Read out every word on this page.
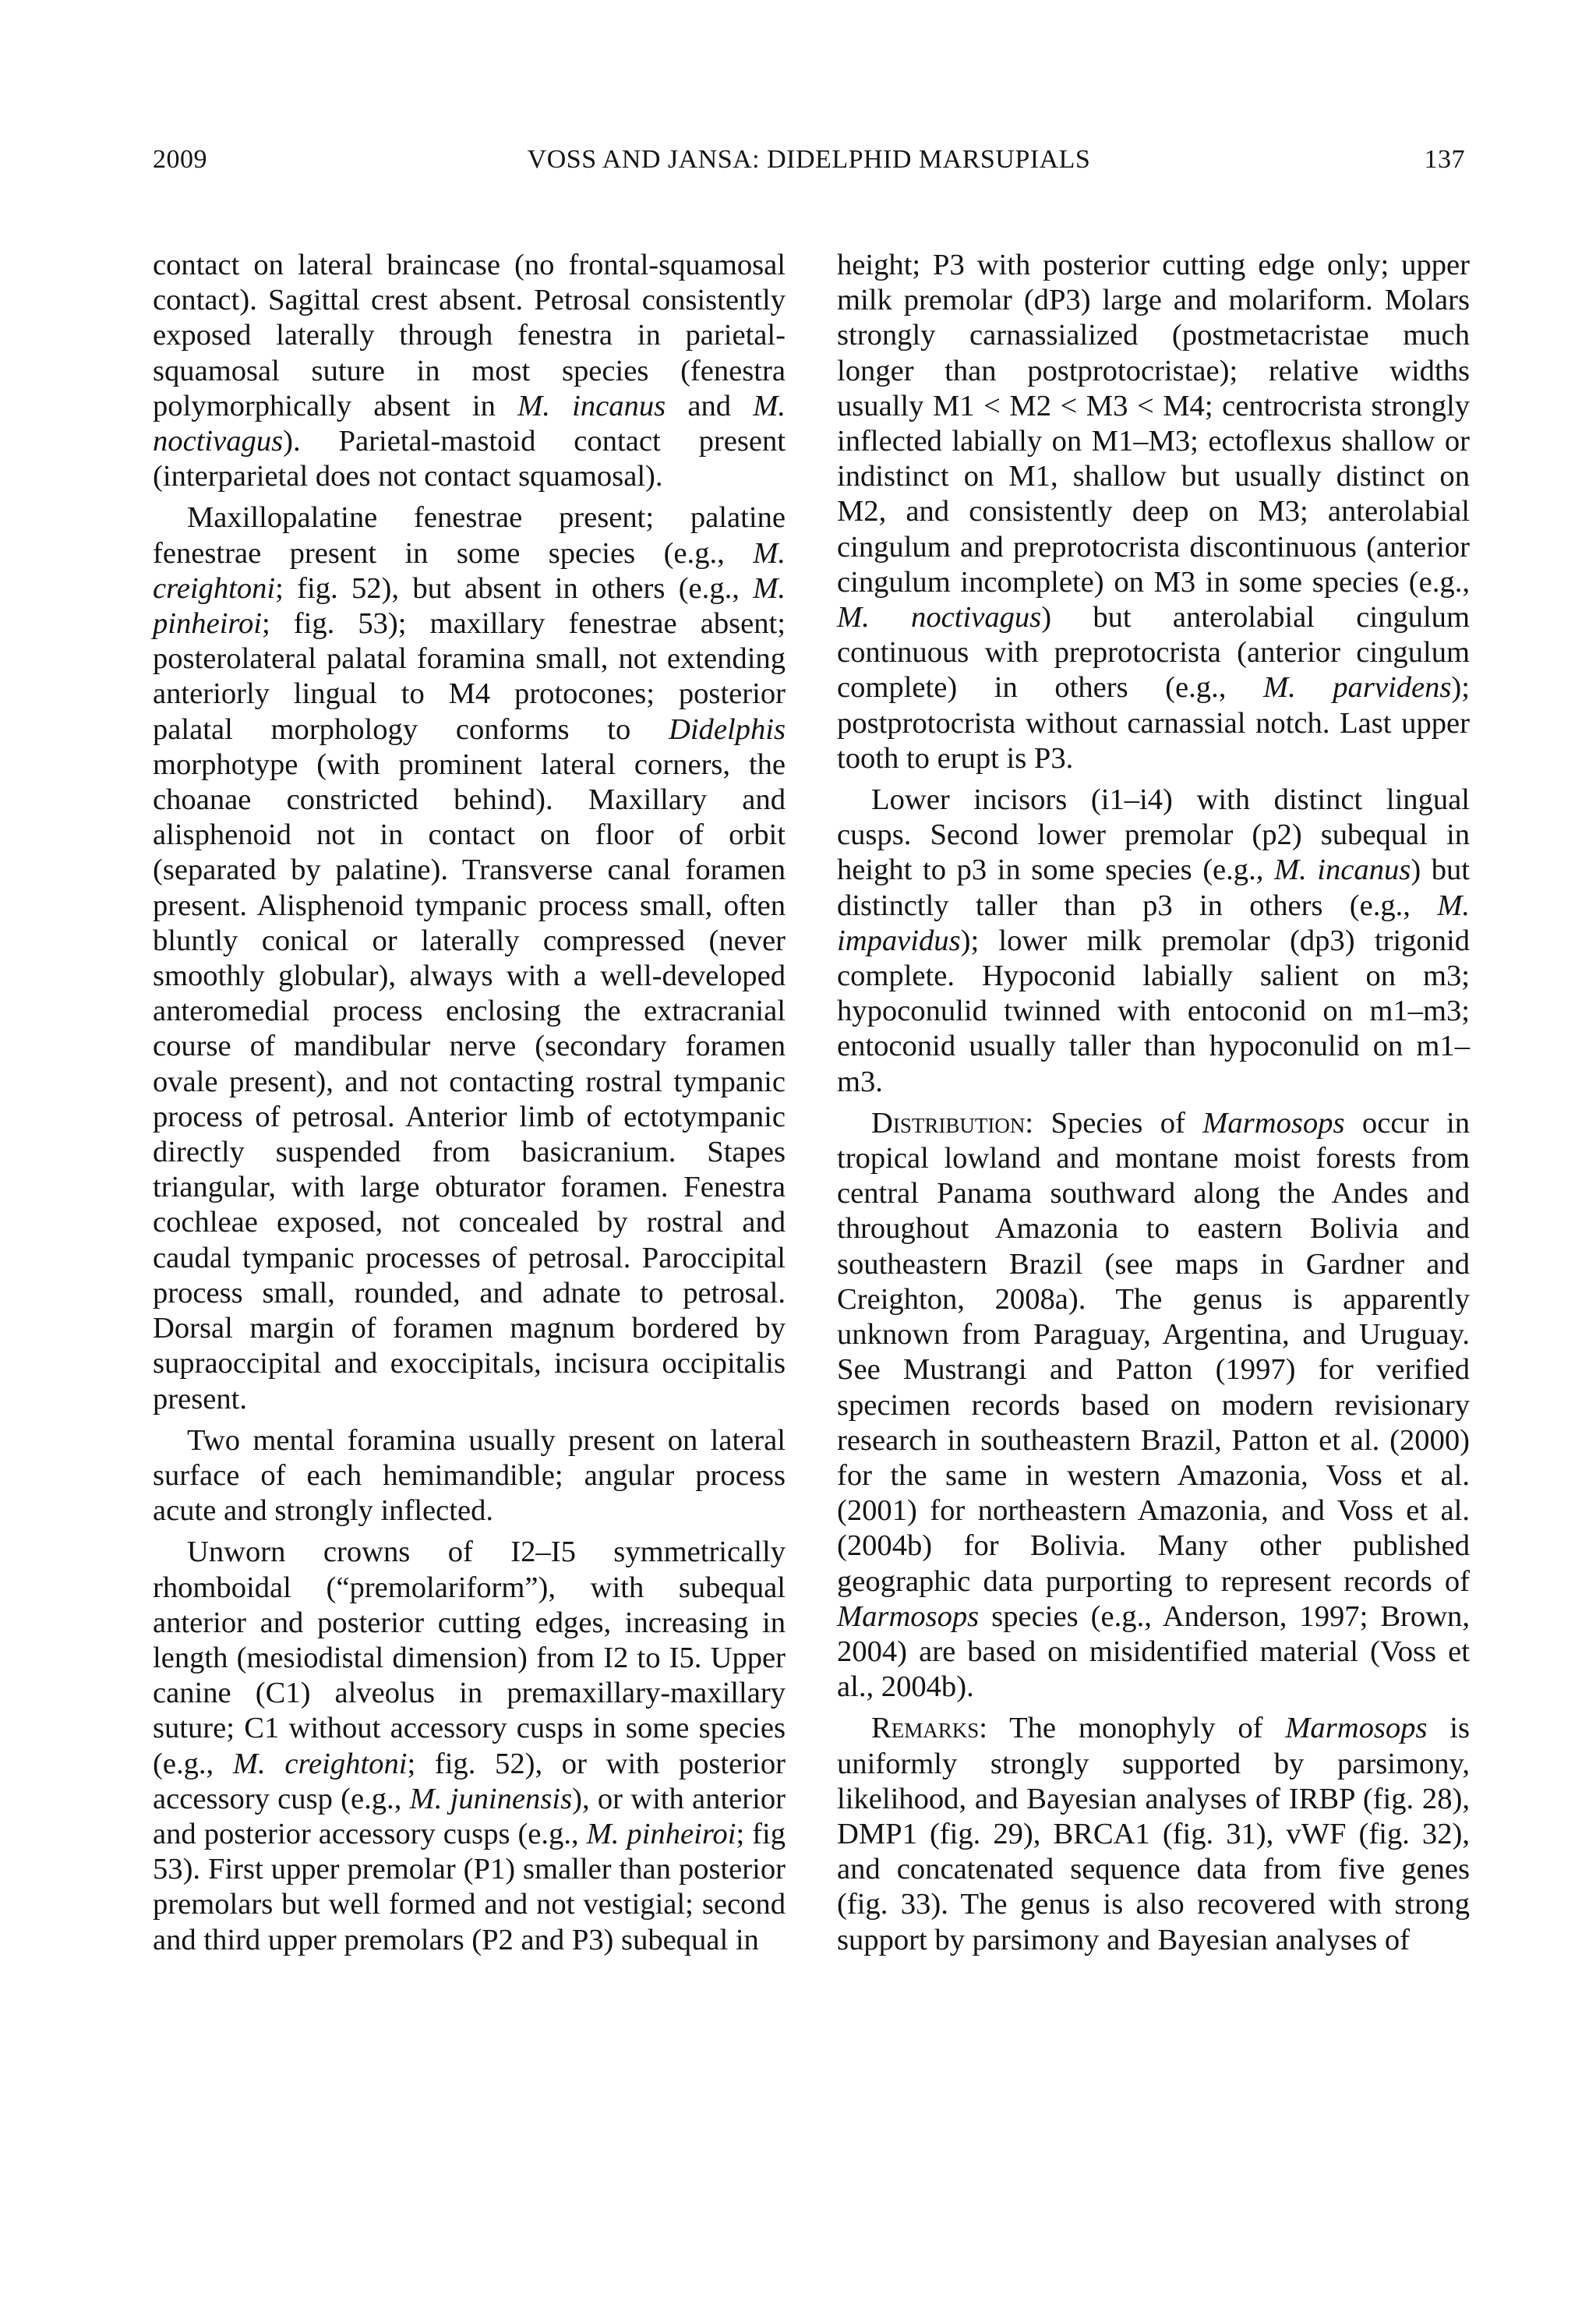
2009	VOSS AND JANSA: DIDELPHID MARSUPIALS	137

contact on lateral braincase (no frontal-squamosal contact). Sagittal crest absent. Petrosal consistently exposed laterally through fenestra in parietal-squamosal suture in most species (fenestra polymorphically absent in M. incanus and M. noctivagus). Parietal-mastoid contact present (interparietal does not contact squamosal).

Maxillopalatine fenestrae present; palatine fenestrae present in some species (e.g., M. creightoni; fig. 52), but absent in others (e.g., M. pinheiroi; fig. 53); maxillary fenestrae absent; posterolateral palatal foramina small, not extending anteriorly lingual to M4 protocones; posterior palatal morphology conforms to Didelphis morphotype (with prominent lateral corners, the choanae constricted behind). Maxillary and alisphenoid not in contact on floor of orbit (separated by palatine). Transverse canal foramen present. Alisphenoid tympanic process small, often bluntly conical or laterally compressed (never smoothly globular), always with a well-developed anteromedial process enclosing the extracranial course of mandibular nerve (secondary foramen ovale present), and not contacting rostral tympanic process of petrosal. Anterior limb of ectotympanic directly suspended from basicranium. Stapes triangular, with large obturator foramen. Fenestra cochleae exposed, not concealed by rostral and caudal tympanic processes of petrosal. Paroccipital process small, rounded, and adnate to petrosal. Dorsal margin of foramen magnum bordered by supraoccipital and exoccipitals, incisura occipitalis present.

Two mental foramina usually present on lateral surface of each hemimandible; angular process acute and strongly inflected.

Unworn crowns of I2–I5 symmetrically rhomboidal (“premolariform”), with subequal anterior and posterior cutting edges, increasing in length (mesiodistal dimension) from I2 to I5. Upper canine (C1) alveolus in premaxillary-maxillary suture; C1 without accessory cusps in some species (e.g., M. creightoni; fig. 52), or with posterior accessory cusp (e.g., M. juninensis), or with anterior and posterior accessory cusps (e.g., M. pinheiroi; fig 53). First upper premolar (P1) smaller than posterior premolars but well formed and not vestigial; second and third upper premolars (P2 and P3) subequal in

height; P3 with posterior cutting edge only; upper milk premolar (dP3) large and molariform. Molars strongly carnassialized (postmetacristae much longer than postprotocristae); relative widths usually M1 < M2 < M3 < M4; centrocrista strongly inflected labially on M1–M3; ectoflexus shallow or indistinct on M1, shallow but usually distinct on M2, and consistently deep on M3; anterolabial cingulum and preprotocrista discontinuous (anterior cingulum incomplete) on M3 in some species (e.g., M. noctivagus) but anterolabial cingulum continuous with preprotocrista (anterior cingulum complete) in others (e.g., M. parvidens); postprotocrista without carnassial notch. Last upper tooth to erupt is P3.

Lower incisors (i1–i4) with distinct lingual cusps. Second lower premolar (p2) subequal in height to p3 in some species (e.g., M. incanus) but distinctly taller than p3 in others (e.g., M. impavidus); lower milk premolar (dp3) trigonid complete. Hypoconid labially salient on m3; hypoconulid twinned with entoconid on m1–m3; entoconid usually taller than hypoconulid on m1–m3.

Distribution: Species of Marmosops occur in tropical lowland and montane moist forests from central Panama southward along the Andes and throughout Amazonia to eastern Bolivia and southeastern Brazil (see maps in Gardner and Creighton, 2008a). The genus is apparently unknown from Paraguay, Argentina, and Uruguay. See Mustrangi and Patton (1997) for verified specimen records based on modern revisionary research in southeastern Brazil, Patton et al. (2000) for the same in western Amazonia, Voss et al. (2001) for northeastern Amazonia, and Voss et al. (2004b) for Bolivia. Many other published geographic data purporting to represent records of Marmosops species (e.g., Anderson, 1997; Brown, 2004) are based on misidentified material (Voss et al., 2004b).

Remarks: The monophyly of Marmosops is uniformly strongly supported by parsimony, likelihood, and Bayesian analyses of IRBP (fig. 28), DMP1 (fig. 29), BRCA1 (fig. 31), vWF (fig. 32), and concatenated sequence data from five genes (fig. 33). The genus is also recovered with strong support by parsimony and Bayesian analyses of
